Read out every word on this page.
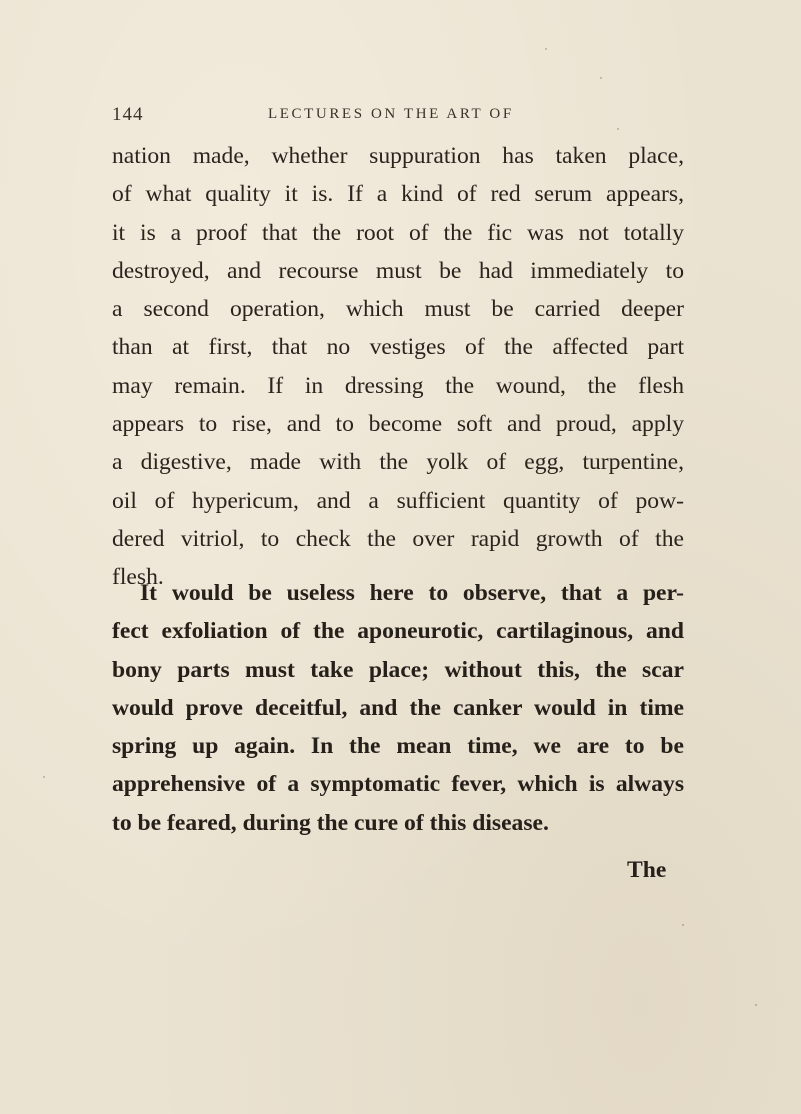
144	LECTURES ON THE ART OF

nation made, whether suppuration has taken place,
of what quality it is. If a kind of red serum appears,
it is a proof that the root of the fic was not totally
destroyed, and recourse must be had immediately to
a second operation, which must be carried deeper
than at first, that no vestiges of the affected part
may remain. If in dressing the wound, the flesh
appears to rise, and to become soft and proud, apply
a digestive, made with the yolk of egg, turpentine,
oil of hypericum, and a sufficient quantity of pow-
dered vitriol, to check the over rapid growth of the
flesh.

It would be useless here to observe, that a per-
fect exfoliation of the aponeurotic, cartilaginous, and
bony parts must take place; without this, the scar
would prove deceitful, and the canker would in time
spring up again. In the mean time, we are to be
apprehensive of a symptomatic fever, which is always
to be feared, during the cure of this disease.

The
